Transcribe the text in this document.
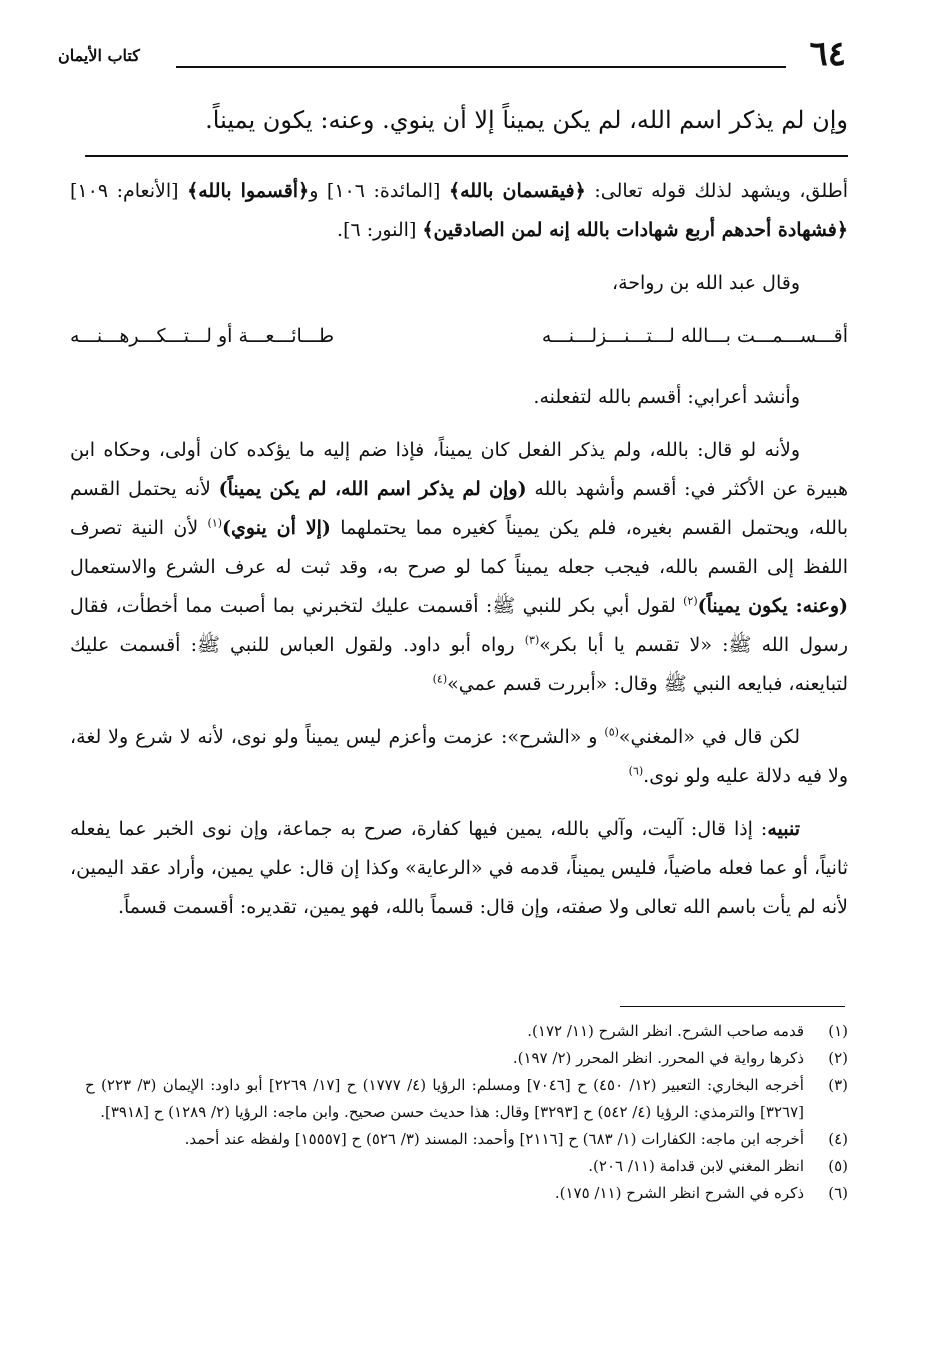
٦٤
كتاب الأيمان
وإن لم يذكر اسم الله، لم يكن يميناً إلا أن ينوي. وعنه: يكون يميناً.

أطلق، ويشهد لذلك قوله تعالى: ﴿فيقسمان بالله﴾ [المائدة: ١٠٦] و﴿أقسموا بالله﴾ [الأنعام: ١٠٩] ﴿فشهادة أحدهم أربع شهادات بالله إنه لمن الصادقين﴾ [النور: ٦].

وقال عبد الله بن رواحة،

أقـــســـمـــت بـــالله لـــتـــنـــزلـــنـــه
طـــائـــعـــة أو لـــتـــكـــرهـــنـــه

وأنشد أعرابي: أقسم بالله لتفعلنه.

ولأنه لو قال: بالله، ولم يذكر الفعل كان يميناً، فإذا ضم إليه ما يؤكده كان أولى، وحكاه ابن هبيرة عن الأكثر في: أقسم وأشهد بالله (وإن لم يذكر اسم الله، لم يكن يميناً) لأنه يحتمل القسم بالله، ويحتمل القسم بغيره، فلم يكن يميناً كغيره مما يحتملهما (إلا أن ينوي)$^{(١)}$ لأن النية تصرف اللفظ إلى القسم بالله، فيجب جعله يميناً كما لو صرح به، وقد ثبت له عرف الشرع والاستعمال (وعنه: يكون يميناً)$^{(٢)}$ لقول أبي بكر للنبي ﷺ: أقسمت عليك لتخبرني بما أصبت مما أخطأت، فقال رسول الله ﷺ: «لا تقسم يا أبا بكر»$^{(٣)}$ رواه أبو داود. ولقول العباس للنبي ﷺ: أقسمت عليك لتبايعنه، فبايعه النبي ﷺ وقال: «أبررت قسم عمي»$^{(٤)}$

لكن قال في «المغني»$^{(٥)}$ و «الشرح»: عزمت وأعزم ليس يميناً ولو نوى، لأنه لا شرع ولا لغة، ولا فيه دلالة عليه ولو نوى.$^{(٦)}$

تنبيه: إذا قال: آليت، وآلي بالله، يمين فيها كفارة، صرح به جماعة، وإن نوى الخبر عما يفعله ثانياً، أو عما فعله ماضياً، فليس يميناً، قدمه في «الرعاية» وكذا إن قال: علي يمين، وأراد عقد اليمين، لأنه لم يأت باسم الله تعالى ولا صفته، وإن قال: قسماً بالله، فهو يمين، تقديره: أقسمت قسماً.

(١)
قدمه صاحب الشرح. انظر الشرح (١١/ ١٧٢).
(٢)
ذكرها رواية في المحرر. انظر المحرر (٢/ ١٩٧).
(٣)
أخرجه البخاري: التعبير (١٢/ ٤٥٠) ح [٧٠٤٦] ومسلم: الرؤيا (٤/ ١٧٧٧) ح [١٧/ ٢٢٦٩] أبو داود: الإيمان (٣/ ٢٢٣) ح [٣٢٦٧] والترمذي: الرؤيا (٤/ ٥٤٢) ح [٣٢٩٣] وقال: هذا حديث حسن صحيح. وابن ماجه: الرؤيا (٢/ ١٢٨٩) ح [٣٩١٨].
(٤)
أخرجه ابن ماجه: الكفارات (١/ ٦٨٣) ح [٢١١٦] وأحمد: المسند (٣/ ٥٢٦) ح [١٥٥٥٧] ولفظه عند أحمد.
(٥)
انظر المغني لابن قدامة (١١/ ٢٠٦).
(٦)
ذكره في الشرح انظر الشرح (١١/ ١٧٥).
